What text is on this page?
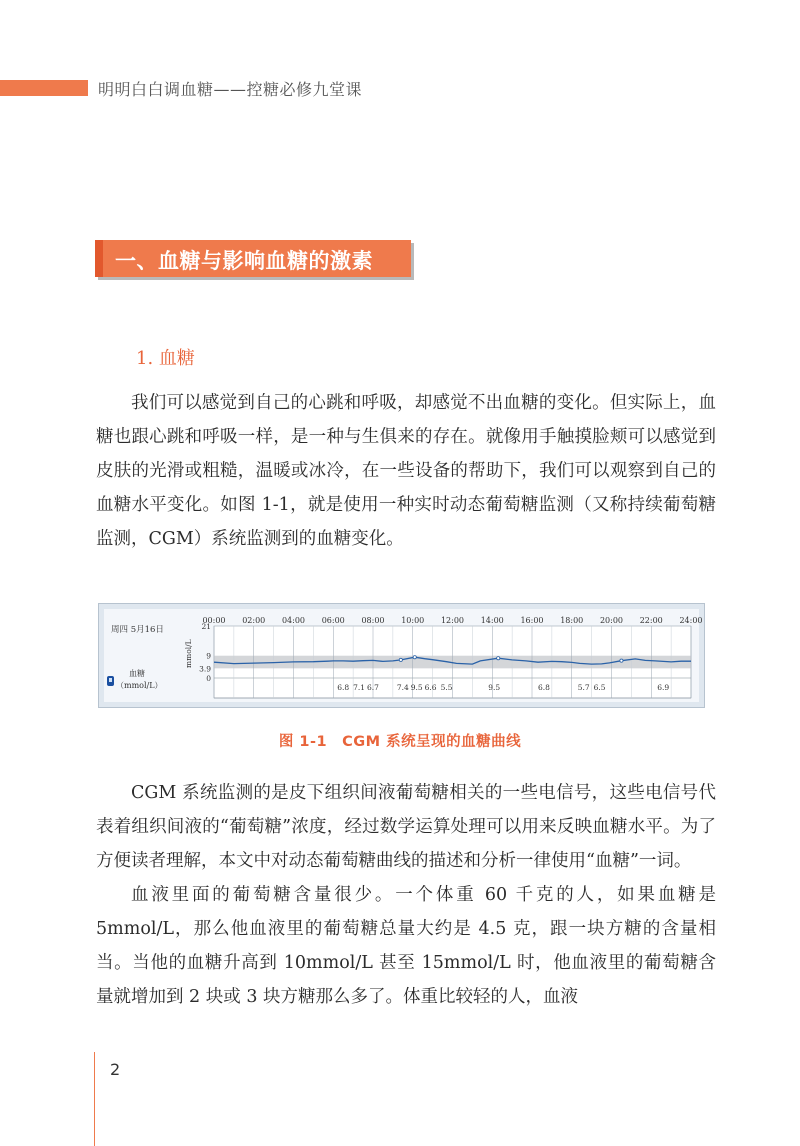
明明白白调血糖——控糖必修九堂课
一、血糖与影响血糖的激素
1. 血糖
我们可以感觉到自己的心跳和呼吸，却感觉不出血糖的变化。但实际上，血糖也跟心跳和呼吸一样，是一种与生俱来的存在。就像用手触摸脸颊可以感觉到皮肤的光滑或粗糙，温暖或冰冷，在一些设备的帮助下，我们可以观察到自己的血糖水平变化。如图 1-1，就是使用一种实时动态葡萄糖监测（又称持续葡萄糖监测，CGM）系统监测到的血糖变化。
周四 5月16日
血糖
（mmol/L）
mmol/L
00:00 02:00 04:00 06:00 08:00 10:00 12:00 14:00 16:00 18:00 20:00 22:00 24:00
21
9
3.9
0
6.8 7.1 6.7 7.4 9.5 6.6 5.5	9.5	6.8	5.7 6.5	6.9
图 1-1　CGM 系统呈现的血糖曲线
CGM 系统监测的是皮下组织间液葡萄糖相关的一些电信号，这些电信号代表着组织间液的“葡萄糖”浓度，经过数学运算处理可以用来反映血糖水平。为了方便读者理解，本文中对动态葡萄糖曲线的描述和分析一律使用“血糖”一词。
血液里面的葡萄糖含量很少。一个体重 60 千克的人，如果血糖是 5mmol/L，那么他血液里的葡萄糖总量大约是 4.5 克，跟一块方糖的含量相当。当他的血糖升高到 10mmol/L 甚至 15mmol/L 时，他血液里的葡萄糖含量就增加到 2 块或 3 块方糖那么多了。体重比较轻的人，血液
2
